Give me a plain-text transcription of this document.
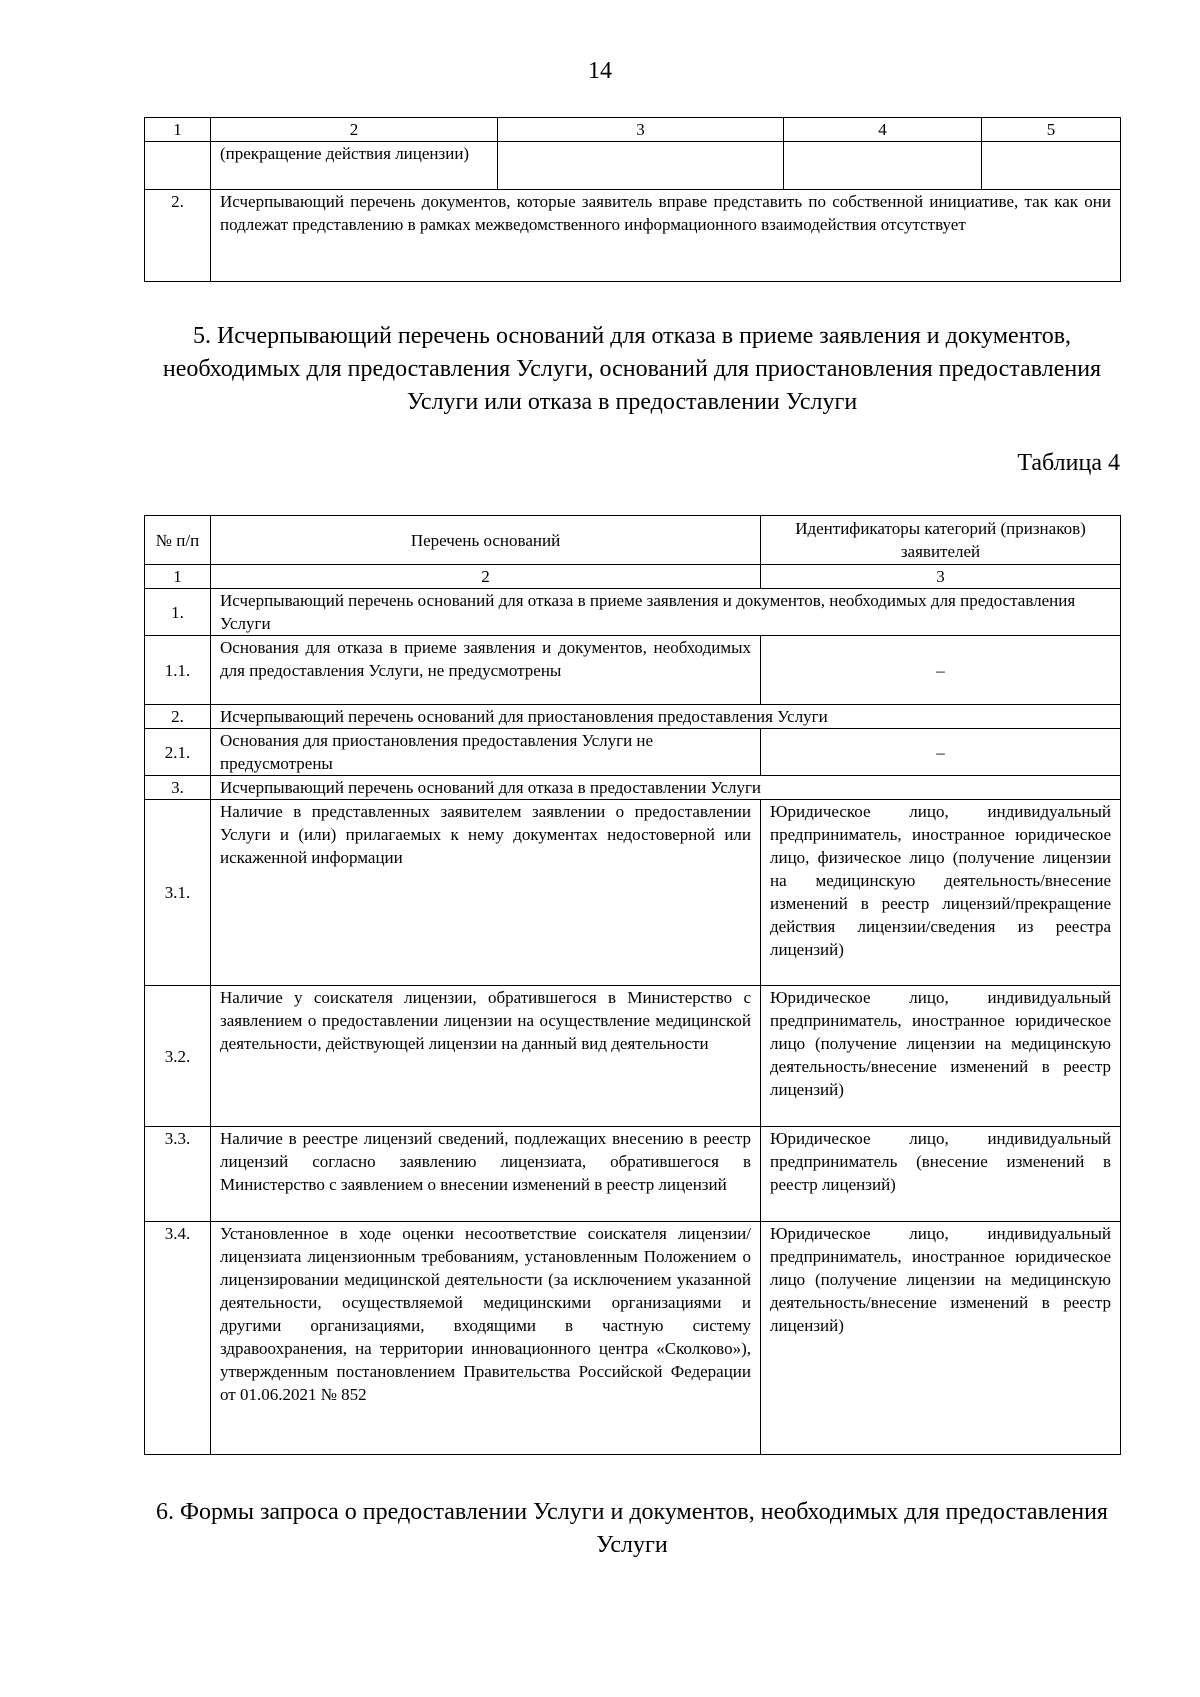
14
1	2	3	4	5
	(прекращение действия лицензии)			
2.	Исчерпывающий перечень документов, которые заявитель вправе представить по собственной инициативе, так как они подлежат представлению в рамках межведомственного информационного взаимодействия отсутствует			
5. Исчерпывающий перечень оснований для отказа в приеме заявления и документов, необходимых для предоставления Услуги, оснований для приостановления предоставления Услуги или отказа в предоставлении Услуги
Таблица 4
№ п/п	Перечень оснований	Идентификаторы категорий (признаков) заявителей
1	2	3
1.	Исчерпывающий перечень оснований для отказа в приеме заявления и документов, необходимых для предоставления Услуги	
1.1.	Основания для отказа в приеме заявления и документов, необходимых для предоставления Услуги, не предусмотрены	–
2.	Исчерпывающий перечень оснований для приостановления предоставления Услуги	
2.1.	Основания для приостановления предоставления Услуги не предусмотрены	–
3.	Исчерпывающий перечень оснований для отказа в предоставлении Услуги	
3.1.	Наличие в представленных заявителем заявлении о предоставлении Услуги и (или) прилагаемых к нему документах недостоверной или искаженной информации	Юридическое лицо, индивидуальный предприниматель, иностранное юридическое лицо, физическое лицо (получение лицензии на медицинскую деятельность/внесение изменений в реестр лицензий/прекращение действия лицензии/сведения из реестра лицензий)
3.2.	Наличие у соискателя лицензии, обратившегося в Министерство с заявлением о предоставлении лицензии на осуществление медицинской деятельности, действующей лицензии на данный вид деятельности	Юридическое лицо, индивидуальный предприниматель, иностранное юридическое лицо (получение лицензии на медицинскую деятельность/внесение изменений в реестр лицензий)
3.3.	Наличие в реестре лицензий сведений, подлежащих внесению в реестр лицензий согласно заявлению лицензиата, обратившегося в Министерство с заявлением о внесении изменений в реестр лицензий	Юридическое лицо, индивидуальный предприниматель (внесение изменений в реестр лицензий)
3.4.	Установленное в ходе оценки несоответствие соискателя лицензии/лицензиата лицензионным требованиям, установленным Положением о лицензировании медицинской деятельности (за исключением указанной деятельности, осуществляемой медицинскими организациями и другими организациями, входящими в частную систему здравоохранения, на территории инновационного центра «Сколково»), утвержденным постановлением Правительства Российской Федерации от 01.06.2021 № 852	Юридическое лицо, индивидуальный предприниматель, иностранное юридическое лицо (получение лицензии на медицинскую деятельность/внесение изменений в реестр лицензий)
6. Формы запроса о предоставлении Услуги и документов, необходимых для предоставления Услуги
